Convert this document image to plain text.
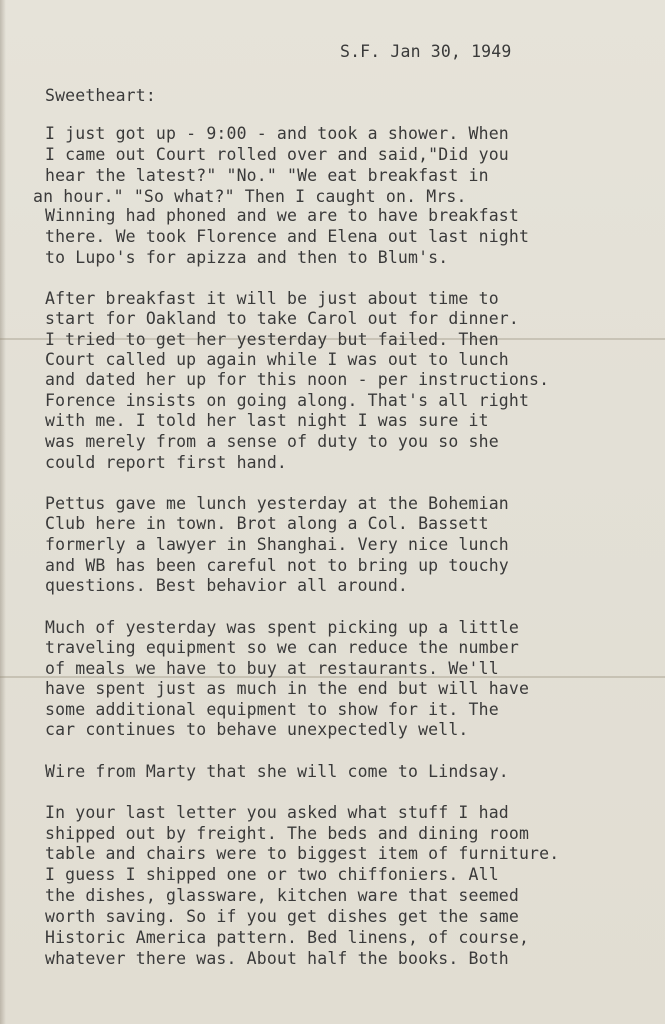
S.F. Jan 30, 1949
Sweetheart:
I just got up - 9:00 - and took a shower. When
I came out Court rolled over and said,"Did you
hear the latest?" "No." "We eat breakfast in
an hour." "So what?" Then I caught on. Mrs.
Winning had phoned and we are to have breakfast
there. We took Florence and Elena out last night
to Lupo's for apizza and then to Blum's.
After breakfast it will be just about time to
start for Oakland to take Carol out for dinner.
I tried to get her yesterday but failed. Then
Court called up again while I was out to lunch
and dated her up for this noon - per instructions.
Forence insists on going along. That's all right
with me. I told her last night I was sure it
was merely from a sense of duty to you so she
could report first hand.
Pettus gave me lunch yesterday at the Bohemian
Club here in town. Brot along a Col. Bassett
formerly a lawyer in Shanghai. Very nice lunch
and WB has been careful not to bring up touchy
questions. Best behavior all around.
Much of yesterday was spent picking up a little
traveling equipment so we can reduce the number
of meals we have to buy at restaurants. We'll
have spent just as much in the end but will have
some additional equipment to show for it. The
car continues to behave unexpectedly well.
Wire from Marty that she will come to Lindsay.
In your last letter you asked what stuff I had
shipped out by freight. The beds and dining room
table and chairs were to biggest item of furniture.
I guess I shipped one or two chiffoniers. All
the dishes, glassware, kitchen ware that seemed
worth saving. So if you get dishes get the same
Historic America pattern. Bed linens, of course,
whatever there was. About half the books. Both
